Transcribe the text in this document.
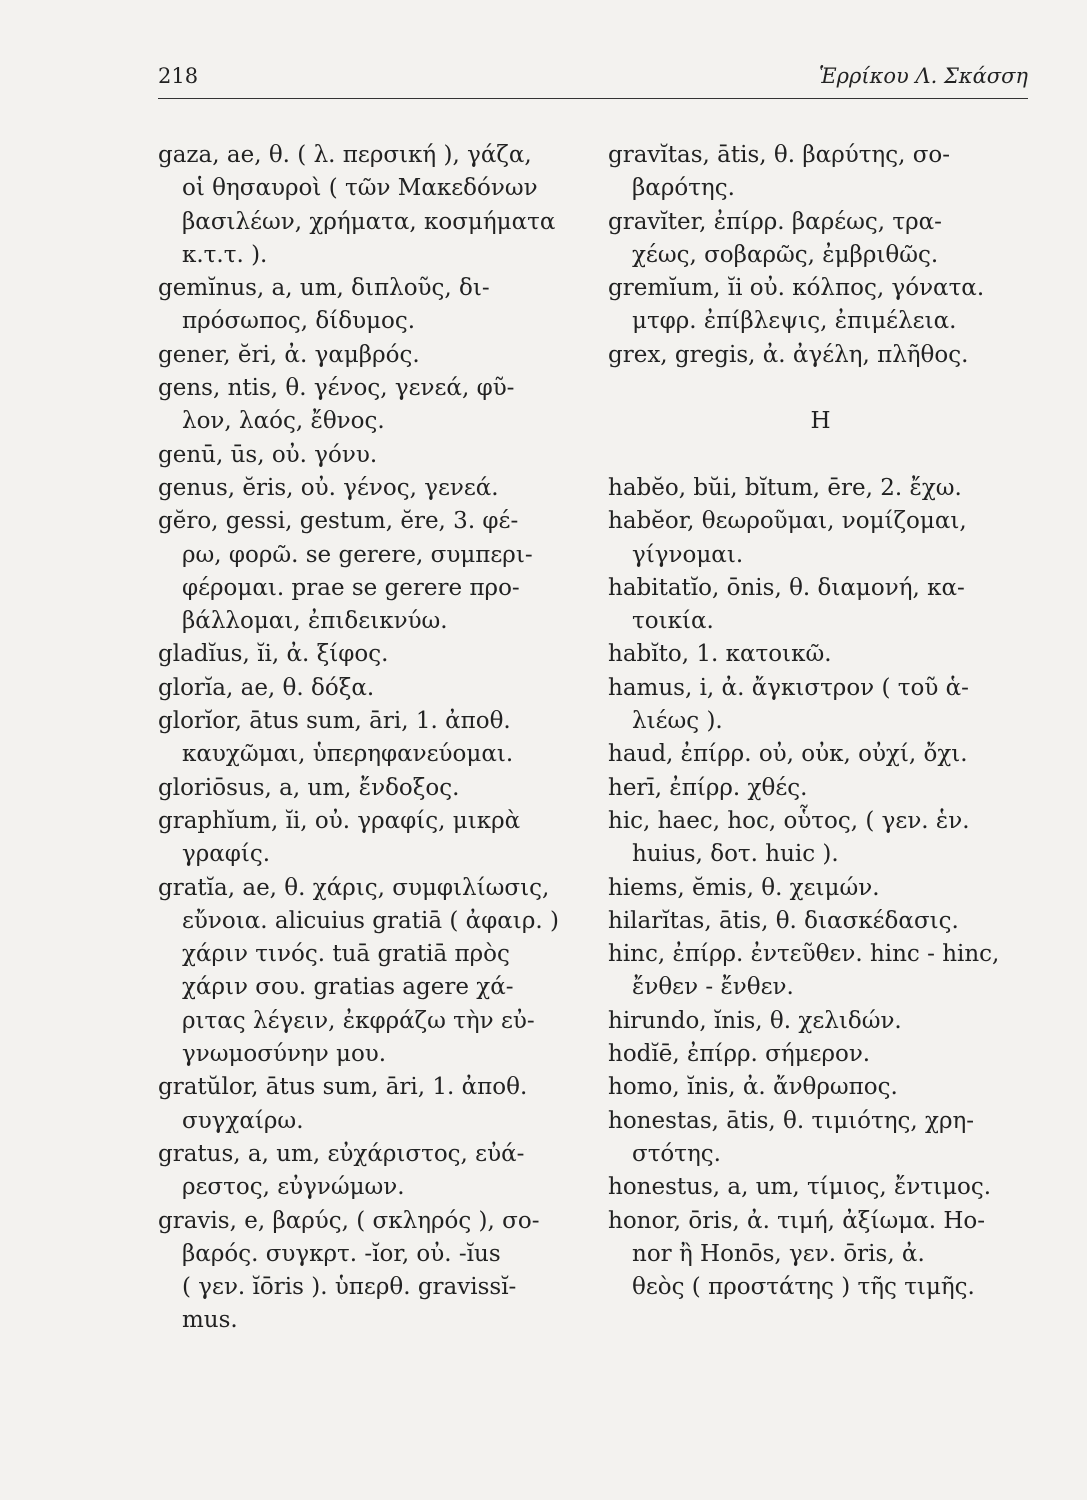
218	Ἑρρίκου Λ. Σκάσση
gaza, ae, θ. ( λ. περσική ), γάζα,
οἱ θησαυροὶ ( τῶν Μακεδόνων
βασιλέων, χρήματα, κοσμήματα
κ.τ.τ. ).
gemĭnus, a, um, διπλοῦς, δι-
πρόσωπος, δίδυμος.
gener, ĕri, ἀ. γαμβρός.
gens, ntis, θ. γένος, γενεά, φῦ-
λον, λαός, ἔθνος.
genū, ūs, οὐ. γόνυ.
genus, ĕris, οὐ. γένος, γενεά.
gĕro, gessi, gestum, ĕre, 3. φέ-
ρω, φορῶ. se gerere, συμπερι-
φέρομαι. prae se gerere προ-
βάλλομαι, ἐπιδεικνύω.
gladĭus, ĭi, ἀ. ξίφος.
glorĭa, ae, θ. δόξα.
glorĭor, ātus sum, āri, 1. ἀποθ.
καυχῶμαι, ὑπερηφανεύομαι.
gloriōsus, a, um, ἔνδοξος.
graphĭum, ĭi, οὐ. γραφίς, μικρὰ
γραφίς.
gratĭa, ae, θ. χάρις, συμφιλίωσις,
εὔνοια. alicuius gratiā ( ἀφαιρ. )
χάριν τινός. tuā gratiā πρὸς
χάριν σου. gratias agere χά-
ριτας λέγειν, ἐκφράζω τὴν εὐ-
γνωμοσύνην μου.
gratŭlor, ātus sum, āri, 1. ἀποθ.
συγχαίρω.
gratus, a, um, εὐχάριστος, εὐά-
ρεστος, εὐγνώμων.
gravis, e, βαρύς, ( σκληρός ), σο-
βαρός. συγκρτ. -ĭor, οὐ. -ĭus
( γεν. ĭōris ). ὑπερθ. gravissĭ-
mus.
gravĭtas, ātis, θ. βαρύτης, σο-
βαρότης.
gravĭter, ἐπίρρ. βαρέως, τρα-
χέως, σοβαρῶς, ἐμβριθῶς.
gremĭum, ĭi οὐ. κόλπος, γόνατα.
μτφρ. ἐπίβλεψις, ἐπιμέλεια.
grex, gregis, ἀ. ἀγέλη, πλῆθος.
H
habĕo, bŭi, bĭtum, ēre, 2. ἔχω.
habĕor, θεωροῦμαι, νομίζομαι,
γίγνομαι.
habitatĭo, ōnis, θ. διαμονή, κα-
τοικία.
habĭto, 1. κατοικῶ.
hamus, i, ἀ. ἄγκιστρον ( τοῦ ἁ-
λιέως ).
haud, ἐπίρρ. οὐ, οὐκ, οὐχί, ὄχι.
herī, ἐπίρρ. χθές.
hic, haec, hoc, οὗτος, ( γεν. ἑν.
huius, δοτ. huic ).
hiems, ĕmis, θ. χειμών.
hilarĭtas, ātis, θ. διασκέδασις.
hinc, ἐπίρρ. ἐντεῦθεν. hinc - hinc,
ἔνθεν - ἔνθεν.
hirundo, ĭnis, θ. χελιδών.
hodĭē, ἐπίρρ. σήμερον.
homo, ĭnis, ἀ. ἄνθρωπος.
honestas, ātis, θ. τιμιότης, χρη-
στότης.
honestus, a, um, τίμιος, ἔντιμος.
honor, ōris, ἀ. τιμή, ἀξίωμα. Ho-
nor ἢ Honōs, γεν. ōris, ἀ.
θεὸς ( προστάτης ) τῆς τιμῆς.
